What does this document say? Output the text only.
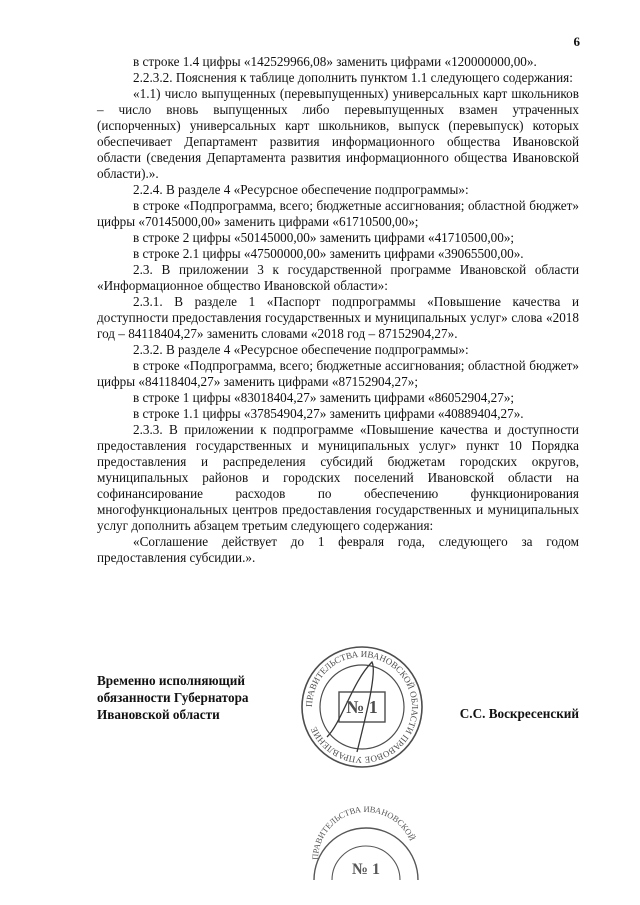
6

в строке 1.4 цифры «142529966,08» заменить цифрами «120000000,00».

2.2.3.2. Пояснения к таблице дополнить пунктом 1.1 следующего содержания:

«1.1) число выпущенных (перевыпущенных) универсальных карт школьников – число вновь выпущенных либо перевыпущенных взамен утраченных (испорченных) универсальных карт школьников, выпуск (перевыпуск) которых обеспечивает Департамент развития информационного общества Ивановской области (сведения Департамента развития информационного общества Ивановской области).».

2.2.4. В разделе 4 «Ресурсное обеспечение подпрограммы»:

в строке «Подпрограмма, всего; бюджетные ассигнования; областной бюджет» цифры «70145000,00» заменить цифрами «61710500,00»;

в строке 2 цифры «50145000,00» заменить цифрами «41710500,00»;

в строке 2.1 цифры «47500000,00» заменить цифрами «39065500,00».

2.3. В приложении 3 к государственной программе Ивановской области «Информационное общество Ивановской области»:

2.3.1. В разделе 1 «Паспорт подпрограммы «Повышение качества и доступности предоставления государственных и муниципальных услуг» слова «2018 год – 84118404,27» заменить словами «2018 год – 87152904,27».

2.3.2. В разделе 4 «Ресурсное обеспечение подпрограммы»:

в строке «Подпрограмма, всего; бюджетные ассигнования; областной бюджет» цифры «84118404,27» заменить цифрами «87152904,27»;

в строке 1 цифры «83018404,27» заменить цифрами «86052904,27»;

в строке 1.1 цифры «37854904,27» заменить цифрами «40889404,27».

2.3.3. В приложении к подпрограмме «Повышение качества и доступности предоставления государственных и муниципальных услуг» пункт 10 Порядка предоставления и распределения субсидий бюджетам городских округов, муниципальных районов и городских поселений Ивановской области на софинансирование расходов по обеспечению функционирования многофункциональных центров предоставления государственных и муниципальных услуг дополнить абзацем третьим следующего содержания:

«Соглашение действует до 1 февраля года, следующего за годом предоставления субсидии.».

Временно исполняющий
обязанности Губернатора
Ивановской области
ПРАВИТЕЛЬСТВА ИВАНОВСКОЙ ОБЛАСТИ ПРАВОВОЕ УПРАВЛЕНИЕ
№ 1	С.С. Воскресенский
ПРАВИТЕЛЬСТВА ИВАНОВСКОЙ
№ 1
